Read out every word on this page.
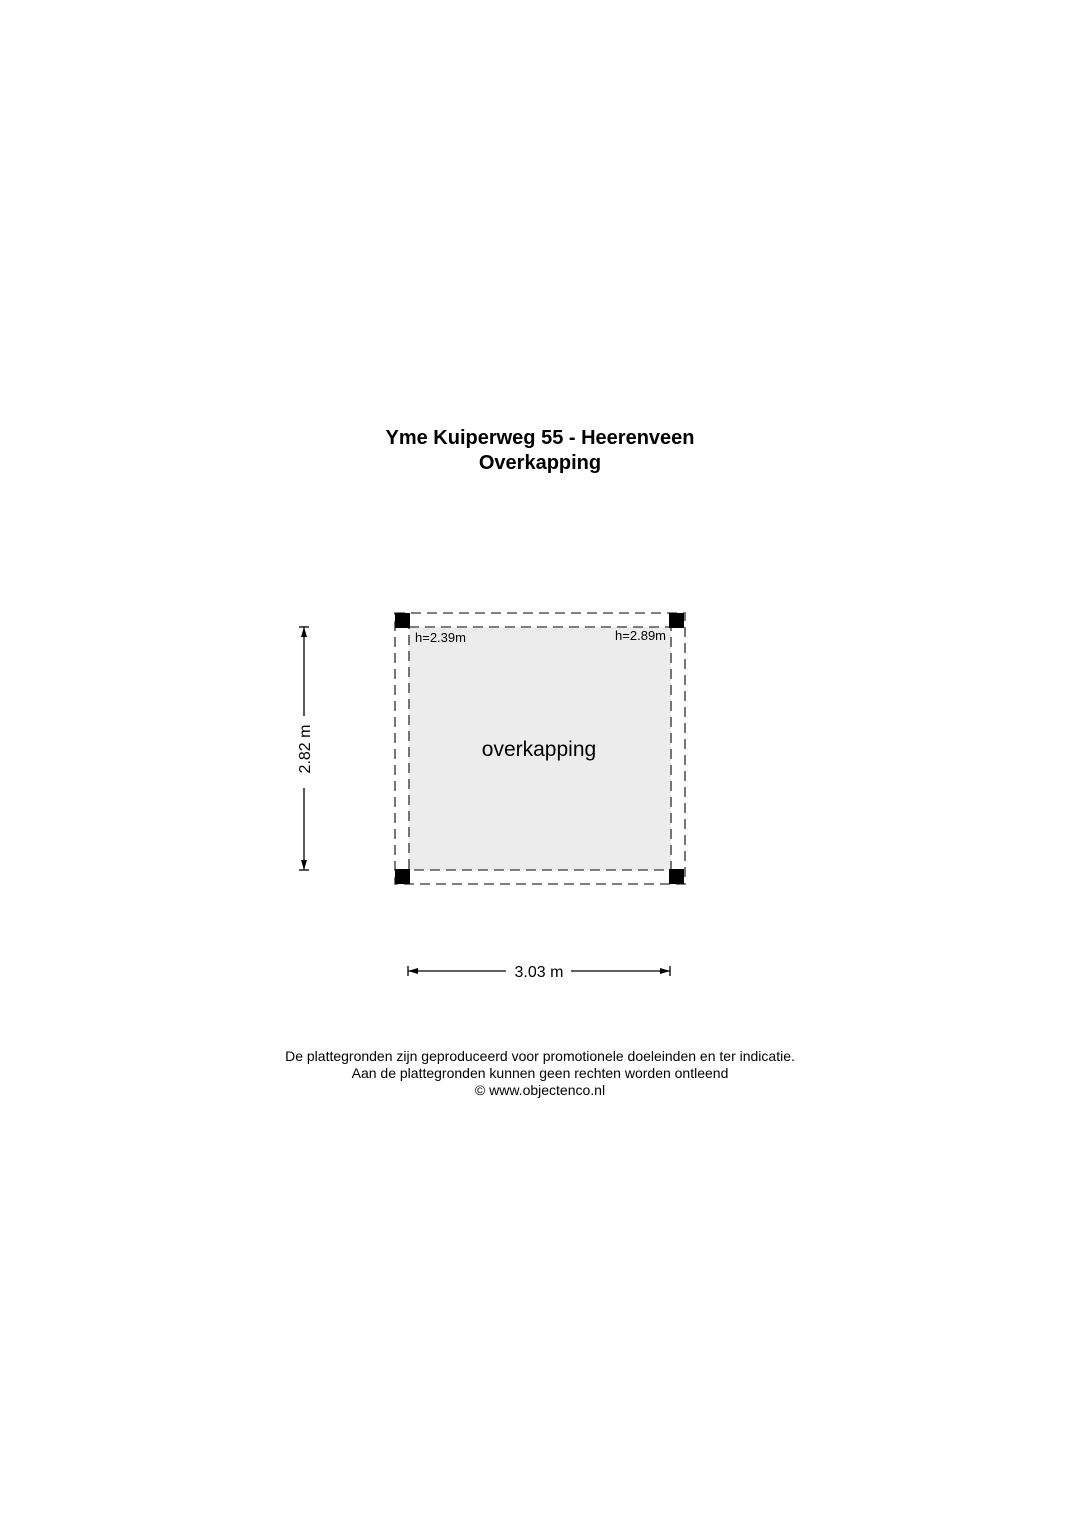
Yme Kuiperweg 55 - Heerenveen
Overkapping
h=2.39m	h=2.89m
overkapping
2.82 m
3.03 m
De plattegronden zijn geproduceerd voor promotionele doeleinden en ter indicatie.
Aan de plattegronden kunnen geen rechten worden ontleend
© www.objectenco.nl
